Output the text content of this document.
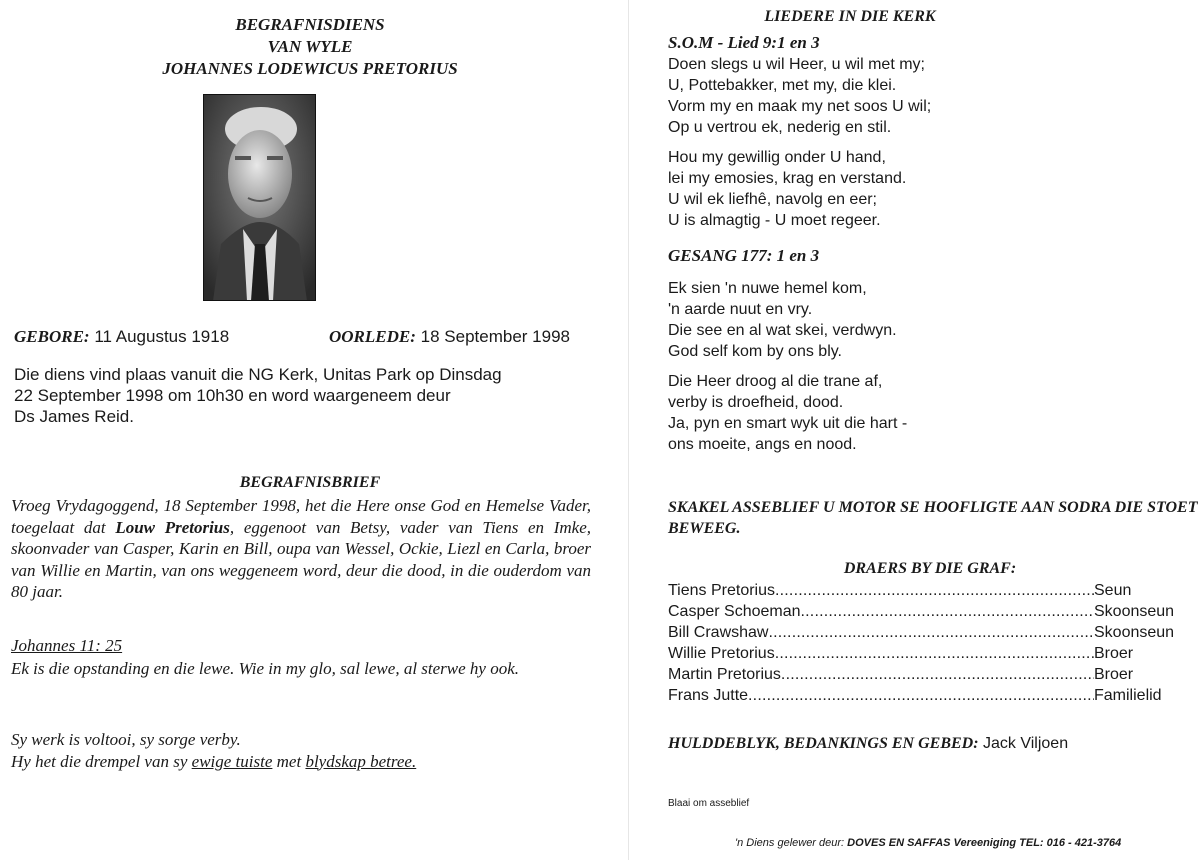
BEGRAFNISDIENS
VAN WYLE
JOHANNES LODEWICUS PRETORIUS
GEBORE: 11 Augustus 1918	OORLEDE: 18 September 1998
Die diens vind plaas vanuit die NG Kerk, Unitas Park op Dinsdag
22 September 1998 om 10h30 en word waargeneem deur
Ds James Reid.
BEGRAFNISBRIEF
Vroeg Vrydagoggend, 18 September 1998, het die Here onse God en Hemelse Vader, toegelaat dat Louw Pretorius, eggenoot van Betsy, vader van Tiens en Imke, skoonvader van Casper, Karin en Bill, oupa van Wessel, Ockie, Liezl en Carla, broer van Willie en Martin, van ons weggeneem word, deur die dood, in die ouderdom van 80 jaar.
Johannes 11: 25
Ek is die opstanding en die lewe. Wie in my glo, sal lewe, al sterwe hy ook.
Sy werk is voltooi, sy sorge verby.
Hy het die drempel van sy ewige tuiste met blydskap betree.
LIEDERE IN DIE KERK
S.O.M - Lied 9:1 en 3
Doen slegs u wil Heer, u wil met my;
U, Pottebakker, met my, die klei.
Vorm my en maak my net soos U wil;
Op u vertrou ek, nederig en stil.
Hou my gewillig onder U hand,
lei my emosies, krag en verstand.
U wil ek liefhê, navolg en eer;
U is almagtig - U moet regeer.
GESANG 177: 1 en 3
Ek sien 'n nuwe hemel kom,
'n aarde nuut en vry.
Die see en al wat skei, verdwyn.
God self kom by ons bly.
Die Heer droog al die trane af,
verby is droefheid, dood.
Ja, pyn en smart wyk uit die hart -
ons moeite, angs en nood.
SKAKEL ASSEBLIEF U MOTOR SE HOOFLIGTE AAN SODRA DIE STOET BEWEEG.
DRAERS BY DIE GRAF:
Tiens Pretorius .....	Seun
Casper Schoeman .....	Skoonseun
Bill Crawshaw .....	Skoonseun
Willie Pretorius .....	Broer
Martin Pretorius .....	Broer
Frans Jutte .....	Familielid
HULDDEBLYK, BEDANKINGS EN GEBED: Jack Viljoen
Blaai om asseblief
'n Diens gelewer deur: DOVES EN SAFFAS Vereeniging TEL: 016 - 421-3764
